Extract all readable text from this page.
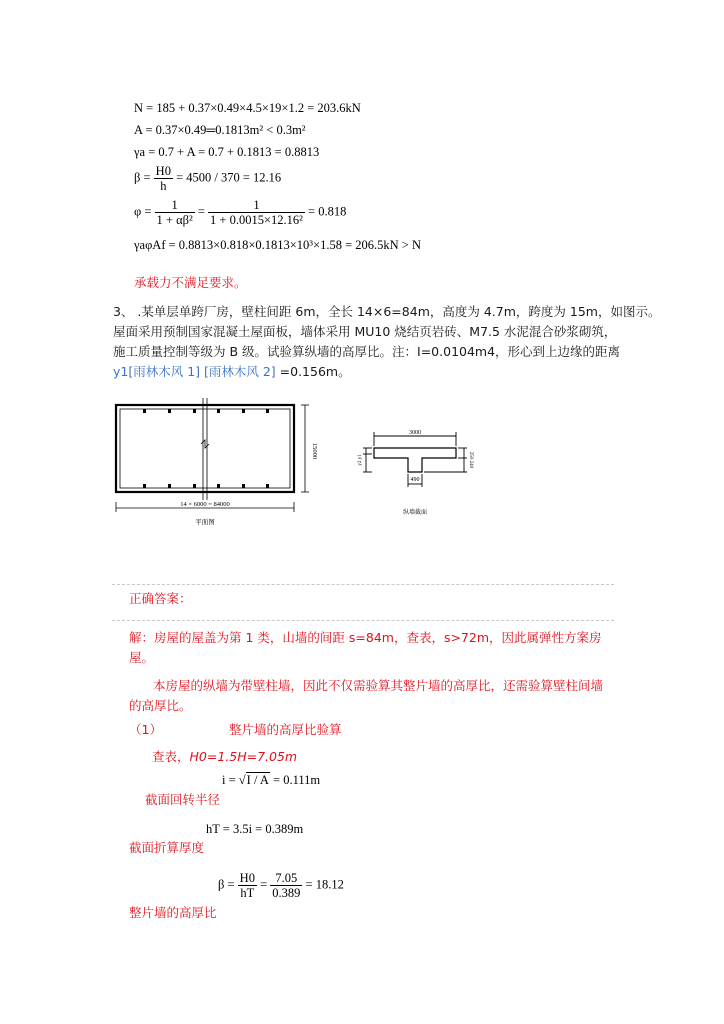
N = 185 + 0.37×0.49×4.5×19×1.2 = 203.6kN
A = 0.37×0.49═0.1813m² < 0.3m²
γa = 0.7 + A = 0.7 + 0.1813 = 0.8813
$\beta = \frac{H0}{h} = 4500 / 370 = 12.16$
$\varphi = \frac{1}{\text{1 + αβ²}} = \frac{1}{\text{1 + 0.0015×12.16²}} = 0.818$
γaφAf = 0.8813×0.818×0.1813×10³×1.58 = 206.5kN > N
承载力不满足要求。
3、 .某单层单跨厂房，壁柱间距 6m，全长 14×6=84m，高度为 4.7m，跨度为 15m，如图示。
屋面采用预制国家混凝土屋面板，墙体采用 MU10 烧结页岩砖、M7.5 水泥混合砂浆砌筑，
施工质量控制等级为 B 级。试验算纵墙的高厚比。注：I=0.0104m4，形心到上边缘的距离
y1[雨林木风 1] [雨林木风 2] =0.156m。
14 × 6000 = 84000
15000
平面图
3000
490
y2 y1	250 240
纵墙截面
正确答案：
解：房屋的屋盖为第 1 类，山墙的间距 s=84m，查表，s>72m，因此属弹性方案房
屋。
本房屋的纵墙为带壁柱墙，因此不仅需验算其整片墙的高厚比，还需验算壁柱间墙
的高厚比。
（1）	整片墙的高厚比验算
查表，H0=1.5H=7.05m
i = √I / A = 0.111m
截面回转半径
hT = 3.5i = 0.389m
截面折算厚度
$\beta = \frac{H0}{hT} = \frac{7.05}{0.389} = 18.12$
整片墙的高厚比
